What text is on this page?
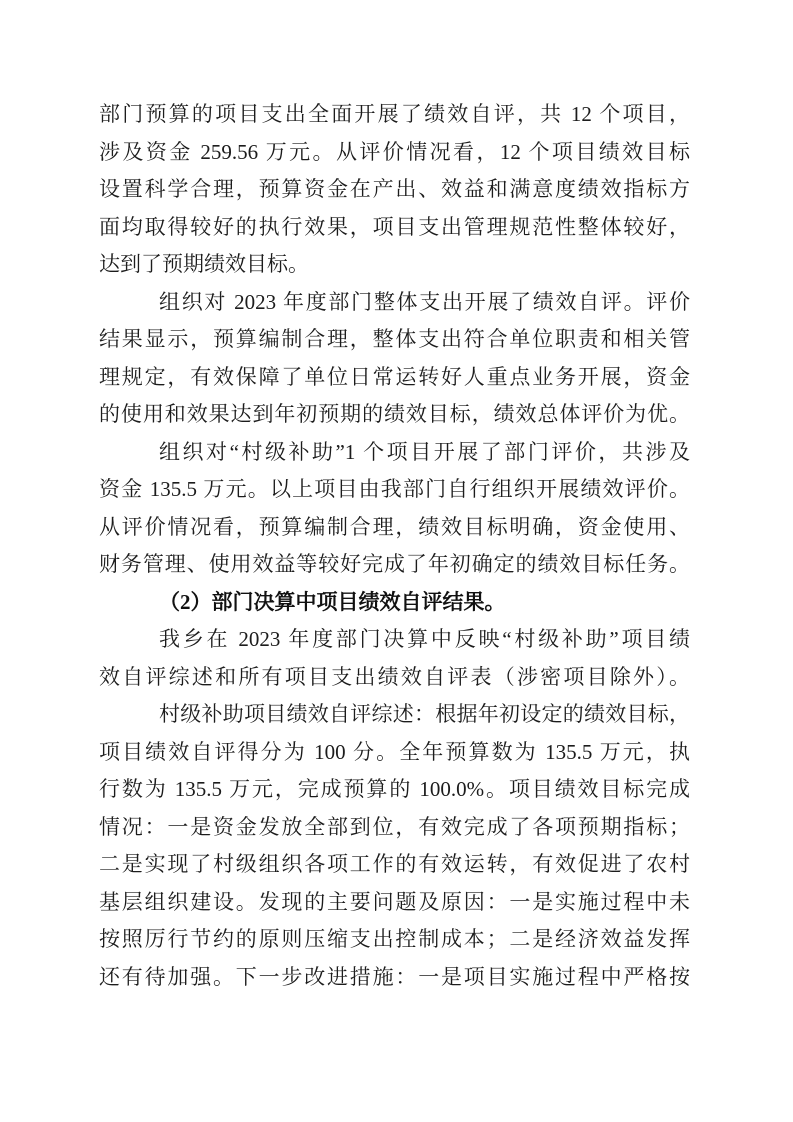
部门预算的项目支出全面开展了绩效自评，共 12 个项目，
涉及资金 259.56 万元。从评价情况看，12 个项目绩效目标
设置科学合理，预算资金在产出、效益和满意度绩效指标方
面均取得较好的执行效果，项目支出管理规范性整体较好，
达到了预期绩效目标。
组织对 2023 年度部门整体支出开展了绩效自评。评价
结果显示，预算编制合理，整体支出符合单位职责和相关管
理规定，有效保障了单位日常运转好人重点业务开展，资金
的使用和效果达到年初预期的绩效目标，绩效总体评价为优。
组织对“村级补助”1 个项目开展了部门评价，共涉及
资金 135.5 万元。以上项目由我部门自行组织开展绩效评价。
从评价情况看，预算编制合理，绩效目标明确，资金使用、
财务管理、使用效益等较好完成了年初确定的绩效目标任务。
（2）部门决算中项目绩效自评结果。
我乡在 2023 年度部门决算中反映“村级补助”项目绩
效自评综述和所有项目支出绩效自评表（涉密项目除外）。
村级补助项目绩效自评综述：根据年初设定的绩效目标，
项目绩效自评得分为 100 分。全年预算数为 135.5 万元，执
行数为 135.5 万元，完成预算的 100.0%。项目绩效目标完成
情况：一是资金发放全部到位，有效完成了各项预期指标；
二是实现了村级组织各项工作的有效运转，有效促进了农村
基层组织建设。发现的主要问题及原因：一是实施过程中未
按照厉行节约的原则压缩支出控制成本；二是经济效益发挥
还有待加强。下一步改进措施：一是项目实施过程中严格按
